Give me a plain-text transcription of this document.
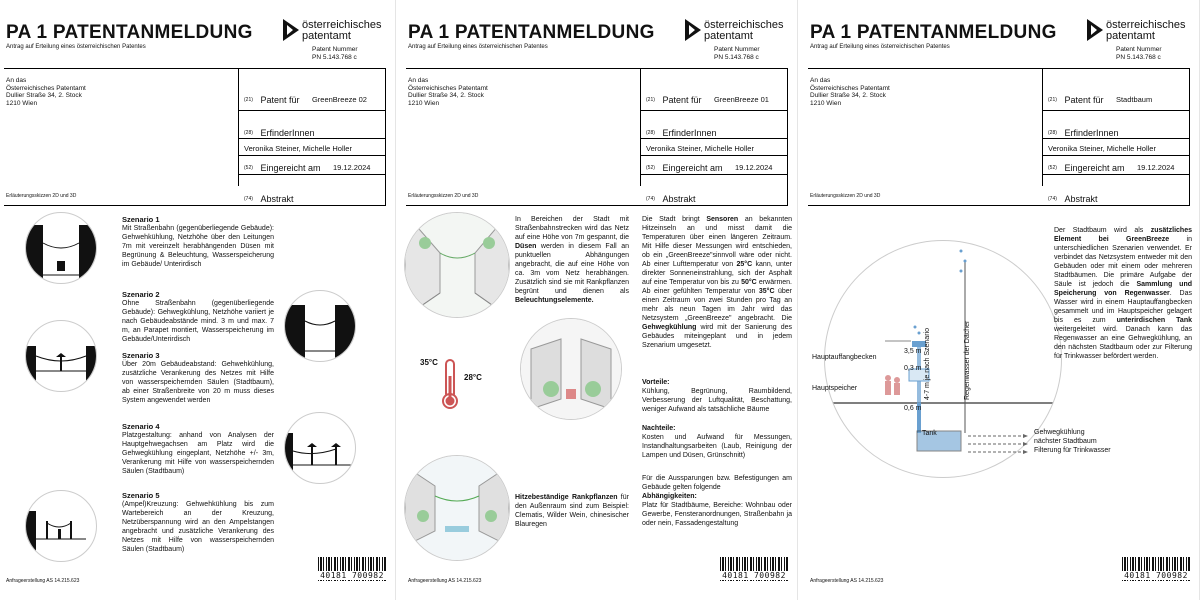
PA 1 PATENTANMELDUNG
Antrag auf Erteilung eines österreichischen Patentes
österreichisches
patentamt
Patent Nummer
PN 5.143.768 c
An das
Österreichisches Patentamt
Dullier Straße 34, 2. Stock
1210 Wien	(21) Patent für GreenBreeze 02
(28) ErfinderInnen
Veronika Steiner, Michelle Holler
(52) Eingereicht am 19.12.2024
(74) Abstrakt
Erläuterungsskizzen 2D und 3D
Anfrageerstellung AS 14.215.623
40181 700982
Szenario 1

Mit Straßenbahn (gegenüberliegende Gebäude): Gehwehkühlung, Netzhöhe über den Leitungen 7m mit vereinzelt herabhängenden Düsen mit Begrünung & Beleuchtung, Wasserspeicherung im Gebäude/ Unterirdisch

Szenario 2

Ohne Straßenbahn (gegenüberliegende Gebäude): Gehwegkühlung, Netzhöhe variiert je nach Gebäudeabstände mind. 3 m und max. 7 m, an Parapet montiert, Wasserspeicherung im Gebäude/Unterirdisch

Szenario 3

Über 20m Gebäudeabstand: Gehwehkühlung, zusätzliche Verankerung des Netzes mit Hilfe von wasserspeichernden Säulen (Stadtbaum), ab einer Straßenbreite von 20 m muss dieses System angewendet werden

Szenario 4

Platzgestaltung: anhand von Analysen der Hauptgehwegachsen am Platz wird die Gehwegkühlung eingeplant, Netzhöhe +/- 3m, Verankerung mit Hilfe von wasserspeichernden Säulen (Stadtbaum)

Szenario 5

(Ampel)Kreuzung: Gehwehkühlung bis zum Wartebereich an der Kreuzung, Netzüberspannung wird an den Ampelstangen angebracht und zusätzliche Verankerung des Netzes mit Hilfe von wasserspeichernden Säulen (Stadtbaum)

PA 1 PATENTANMELDUNG
Antrag auf Erteilung eines österreichischen Patentes
österreichisches
patentamt
Patent Nummer
PN 5.143.768 c
An das
Österreichisches Patentamt
Dullier Straße 34, 2. Stock
1210 Wien	(21) Patent für GreenBreeze 01
(28) ErfinderInnen
Veronika Steiner, Michelle Holler
(52) Eingereicht am 19.12.2024
(74) Abstrakt
Erläuterungsskizzen 2D und 3D
Anfrageerstellung AS 14.215.623
40181 700982
35°C
28°C
In Bereichen der Stadt mit Straßenbahnstrecken wird das Netz auf eine Höhe von 7m gespannt, die Düsen werden in diesem Fall an punktuellen Abhängungen angebracht, die auf eine Höhe von ca. 3m vom Netz herabhängen. Zusätzlich sind sie mit Rankpflanzen begrünt und dienen als Beleuchtungselemente.
Hitzebeständige Rankpflanzen für den Außenraum sind zum Beispiel: Clematis, Wilder Wein, chinesischer Blauregen
Die Stadt bringt Sensoren an bekannten Hitzeinseln an und misst damit die Temperaturen über einen längeren Zeitraum. Mit Hilfe dieser Messungen wird entschieden, ob ein „GreenBreeze"sinnvoll wäre oder nicht. Ab einer Lufttemperatur von 25°C kann, unter direkter Sonneneinstrahlung, sich der Asphalt auf eine Temperatur von bis zu 50°C erwärmen. Ab einer gefühlten Temperatur von 35°C über einen Zeitraum von zwei Stunden pro Tag an mehr als neun Tagen im Jahr wird das Netzsystem „GreenBreeze" angebracht. Die Gehwegkühlung wird mit der Sanierung des Gebäudes miteingeplant und in jedem Szenarium umgesetzt.
Vorteile:
Kühlung, Begrünung, Raumbildend, Verbesserung der Luftqualität, Beschattung, weniger Aufwand als tatsächliche Bäume
Nachteile:
Kosten und Aufwand für Messungen, Instandhaltungsarbeiten (Laub, Reinigung der Lampen und Düsen, Grünschnitt)
Für die Aussparungen bzw. Befestigungen am Gebäude gelten folgende
Abhängigkeiten:
Platz für Stadtbäume, Bereiche: Wohnbau oder Gewerbe, Fensteranordnungen, Straßenbahn ja oder nein, Fassadengestaltung
PA 1 PATENTANMELDUNG
Antrag auf Erteilung eines österreichischen Patentes
österreichisches
patentamt
Patent Nummer
PN 5.143.768 c
An das
Österreichisches Patentamt
Dullier Straße 34, 2. Stock
1210 Wien	(21) Patent für Stadtbaum
(28) ErfinderInnen
Veronika Steiner, Michelle Holler
(52) Eingereicht am 19.12.2024
(74) Abstrakt
Erläuterungsskizzen 2D und 3D
Anfrageerstellung AS 14.215.623
40181 700982
Hauptauffangbecken
Hauptspeicher
3,5 m
0,3 m
0,6 m
4-7 m je nach Szenario	Regenwasser der Dächer
Tank	Gehwegkühlung
nächster Stadtbaum
Filterung für Trinkwasser
Der Stadtbaum wird als zusätzliches Element bei GreenBreeze in unterschiedlichen Szenarien verwendet. Er verbindet das Netzsystem entweder mit den Gebäuden oder mit einem oder mehreren Stadtbäumen. Die primäre Aufgabe der Säule ist jedoch die Sammlung und Speicherung von Regenwasser. Das Wasser wird in einem Hauptauffangbecken gesammelt und im Hauptspeicher gelagert bis es zum unterirdischen Tank weitergeleitet wird. Danach kann das Regenwasser an eine Gehwegkühlung, an den nächsten Stadtbaum oder zur Filterung für Trinkwasser befördert werden.
